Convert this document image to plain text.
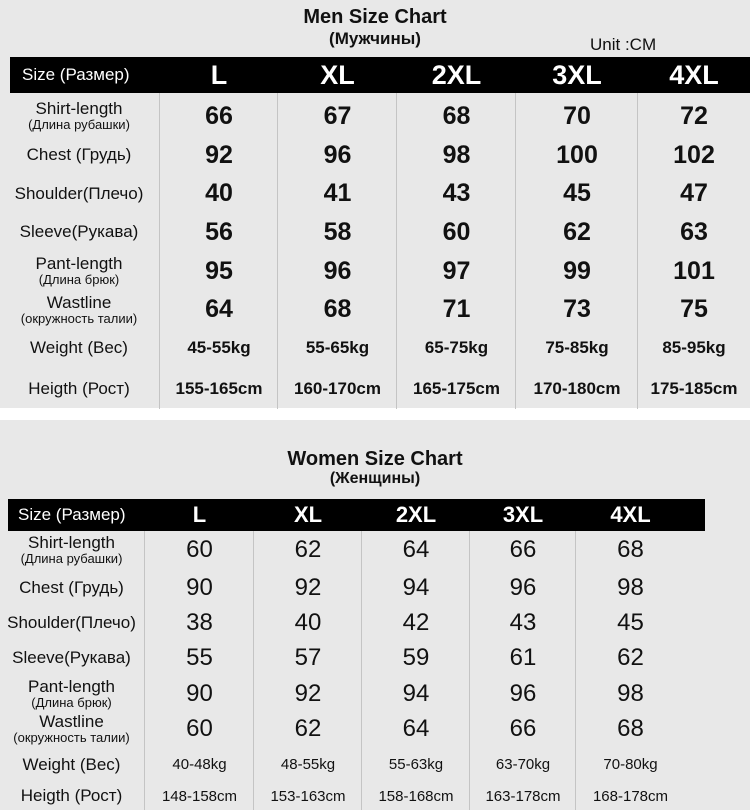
Men Size Chart
(Мужчины)	Unit :CM
Size (Размер)	L	XL	2XL	3XL	4XL
Shirt-length
(Длина рубашки)	66	67	68	70	72
Chest (Грудь)	92	96	98	100	102
Shoulder(Плечо)	40	41	43	45	47
Sleeve(Рукава)	56	58	60	62	63
Pant-length
(Длина брюк)	95	96	97	99	101
Wastline
(окружность талии)	64	68	71	73	75
Weight (Вес)	45-55kg	55-65kg	65-75kg	75-85kg	85-95kg
Heigth (Рост)	155-165cm	160-170cm	165-175cm	170-180cm	175-185cm
Women Size Chart
(Женщины)
Size (Размер)	L	XL	2XL	3XL	4XL
Shirt-length
(Длина рубашки)	60	62	64	66	68
Chest (Грудь)	90	92	94	96	98
Shoulder(Плечо)	38	40	42	43	45
Sleeve(Рукава)	55	57	59	61	62
Pant-length
(Длина брюк)	90	92	94	96	98
Wastline
(окружность талии)	60	62	64	66	68
Weight (Вес)	40-48kg	48-55kg	55-63kg	63-70kg	70-80kg
Heigth (Рост)	148-158cm	153-163cm	158-168cm	163-178cm	168-178cm
